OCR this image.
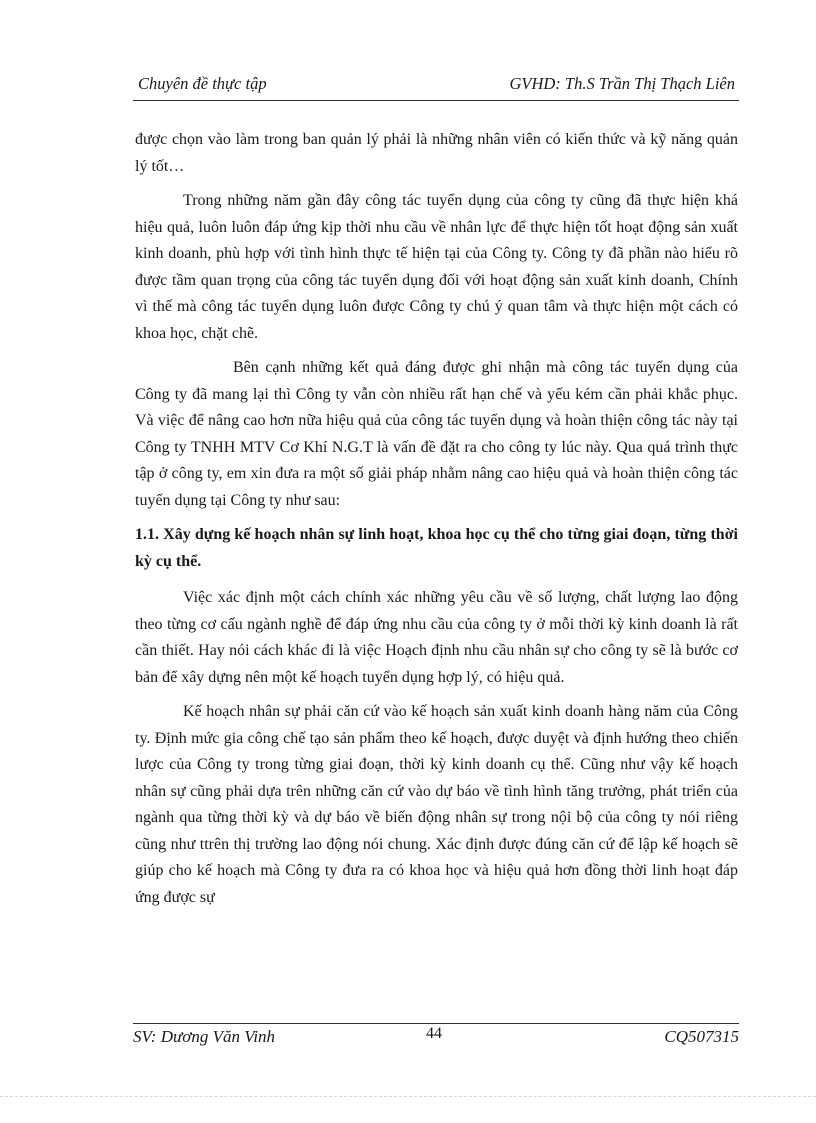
Chuyên đề thực tập	GVHD: Th.S Trần Thị Thạch Liên

được chọn vào làm trong ban quản lý phải là những nhân viên có kiến thức và kỹ năng quản lý tốt…

Trong những năm gần đây công tác tuyển dụng của công ty cũng đã thực hiện khá hiệu quả, luôn luôn đáp ứng kịp thời nhu cầu về nhân lực để thực hiện tốt hoạt động sản xuất kinh doanh, phù hợp với tình hình thực tế hiện tại của Công ty. Công ty đã phần nào hiểu rõ được tầm quan trọng của công tác tuyển dụng đối với hoạt động sản xuất kinh doanh, Chính vì thế mà công tác tuyển dụng luôn được Công ty chú ý quan tâm và thực hiện một cách có khoa học, chặt chẽ.

Bên cạnh những kết quả đáng được ghi nhận mà công tác tuyển dụng của Công ty đã mang lại thì Công ty vẫn còn nhiều rất hạn chế và yếu kém cần phải khắc phục. Và việc để nâng cao hơn nữa hiệu quả của công tác tuyển dụng và hoàn thiện công tác này tại Công ty TNHH MTV Cơ Khí N.G.T là vấn đề đặt ra cho công ty lúc này. Qua quá trình thực tập ở công ty, em xin đưa ra một số giải pháp nhằm nâng cao hiệu quả và hoàn thiện công tác tuyển dụng tại Công ty như sau:

1.1. Xây dựng kế hoạch nhân sự linh hoạt, khoa học cụ thể cho từng giai đoạn, từng thời kỳ cụ thể.

Việc xác định một cách chính xác những yêu cầu về số lượng, chất lượng lao động theo từng cơ cấu ngành nghề để đáp ứng nhu cầu của công ty ở mỗi thời kỳ kinh doanh là rất cần thiết. Hay nói cách khác đi là việc Hoạch định nhu cầu nhân sự cho công ty sẽ là bước cơ bản để xây dựng nên một kế hoạch tuyển dụng hợp lý, có hiệu quả.

Kế hoạch nhân sự phải căn cứ vào kế hoạch sản xuất kinh doanh hàng năm của Công ty. Định mức gia công chế tạo sản phẩm theo kế hoạch, được duyệt và định hướng theo chiến lược của Công ty trong từng giai đoạn, thời kỳ kinh doanh cụ thể. Cũng như vậy kế hoạch nhân sự cũng phải dựa trên những căn cứ vào dự báo về tình hình tăng trưởng, phát triển của ngành qua từng thời kỳ và dự báo về biến động nhân sự trong nội bộ của công ty nói riêng cũng như ttrên thị trường lao động nói chung. Xác định được đúng căn cứ để lập kế hoạch sẽ giúp cho kế hoạch mà Công ty đưa ra có khoa học và hiệu quả hơn đồng thời linh hoạt đáp ứng được sự

SV: Dương Văn Vinh	44	CQ507315
